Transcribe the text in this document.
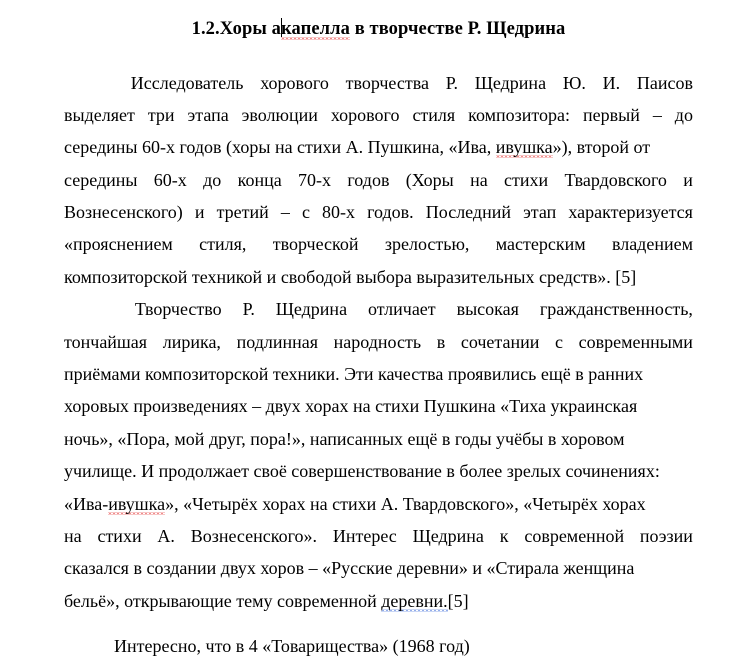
1.2.Хоры акапелла в творчестве Р. Щедрина
Исследователь хорового творчества Р. Щедрина Ю. И. Паисов
выделяет три этапа эволюции хорового стиля композитора: первый – до
середины 60-х годов (хоры на стихи А. Пушкина, «Ива, ивушка»), второй от
середины 60-х до конца 70-х годов (Хоры на стихи Твардовского и
Вознесенского) и третий – с 80-х годов. Последний этап характеризуется
«прояснением стиля, творческой зрелостью, мастерским владением
композиторской техникой и свободой выбора выразительных средств». [5]
Творчество Р. Щедрина отличает высокая гражданственность,
тончайшая лирика, подлинная народность в сочетании с современными
приёмами композиторской техники. Эти качества проявились ещё в ранних
хоровых произведениях – двух хорах на стихи Пушкина «Тиха украинская
ночь», «Пора, мой друг, пора!», написанных ещё в годы учёбы в хоровом
училище. И продолжает своё совершенствование в более зрелых сочинениях:
«Ива-ивушка», «Четырёх хорах на стихи А. Твардовского», «Четырёх хорах
на стихи А. Вознесенского». Интерес Щедрина к современной поэзии
сказался в создании двух хоров – «Русские деревни» и «Стирала женщина
бельё», открывающие тему современной деревни.[5]
Интересно, что в 4 «Товарищества» (1968 год)
